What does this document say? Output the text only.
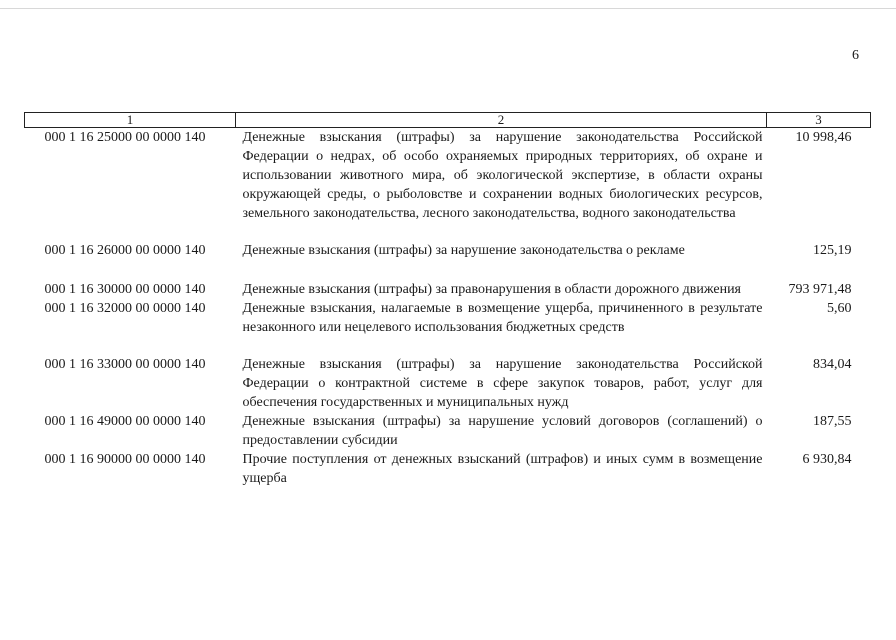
6
1	2	3
000 1 16 25000 00 0000 140	Денежные взыскания (штрафы) за нарушение законодательства Российской Федерации о недрах, об особо охраняемых природных территориях, об охране и использовании животного мира, об экологической экспертизе, в области охраны окружающей среды, о рыболовстве и сохранении водных биологических ресурсов, земельного законодательства, лесного законодательства, водного законодательства	10 998,46

000 1 16 26000 00 0000 140	Денежные взыскания (штрафы) за нарушение законодательства о рекламе	125,19

000 1 16 30000 00 0000 140	Денежные взыскания (штрафы) за правонарушения в области дорожного движения	793 971,48
000 1 16 32000 00 0000 140	Денежные взыскания, налагаемые в возмещение ущерба, причиненного в результате незаконного или нецелевого использования бюджетных средств	5,60

000 1 16 33000 00 0000 140	Денежные взыскания (штрафы) за нарушение законодательства Российской Федерации о контрактной системе в сфере закупок товаров, работ, услуг для обеспечения государственных и муниципальных нужд	834,04
000 1 16 49000 00 0000 140	Денежные взыскания (штрафы) за нарушение условий договоров (соглашений) о предоставлении субсидии	187,55
000 1 16 90000 00 0000 140	Прочие поступления от денежных взысканий (штрафов) и иных сумм в возмещение ущерба	6 930,84
